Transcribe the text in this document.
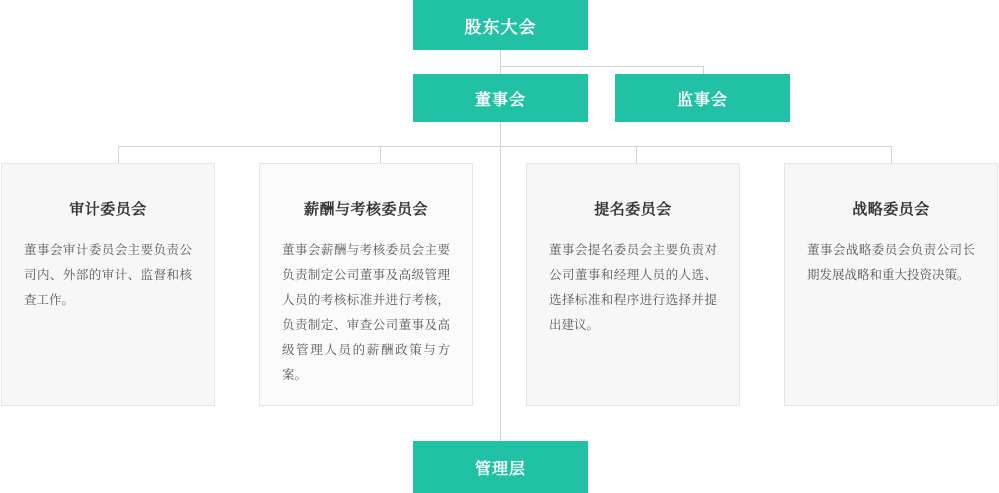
股东大会
董事会	监事会
审计委员会
董事会审计委员会主要负责公司内、外部的审计、监督和核查工作。
薪酬与考核委员会
董事会薪酬与考核委员会主要负责制定公司董事及高级管理人员的考核标准并进行考核，负责制定、审查公司董事及高级管理人员的薪酬政策与方案。
提名委员会
董事会提名委员会主要负责对公司董事和经理人员的人选、选择标准和程序进行选择并提出建议。
战略委员会
董事会战略委员会负责公司长期发展战略和重大投资决策。
管理层
